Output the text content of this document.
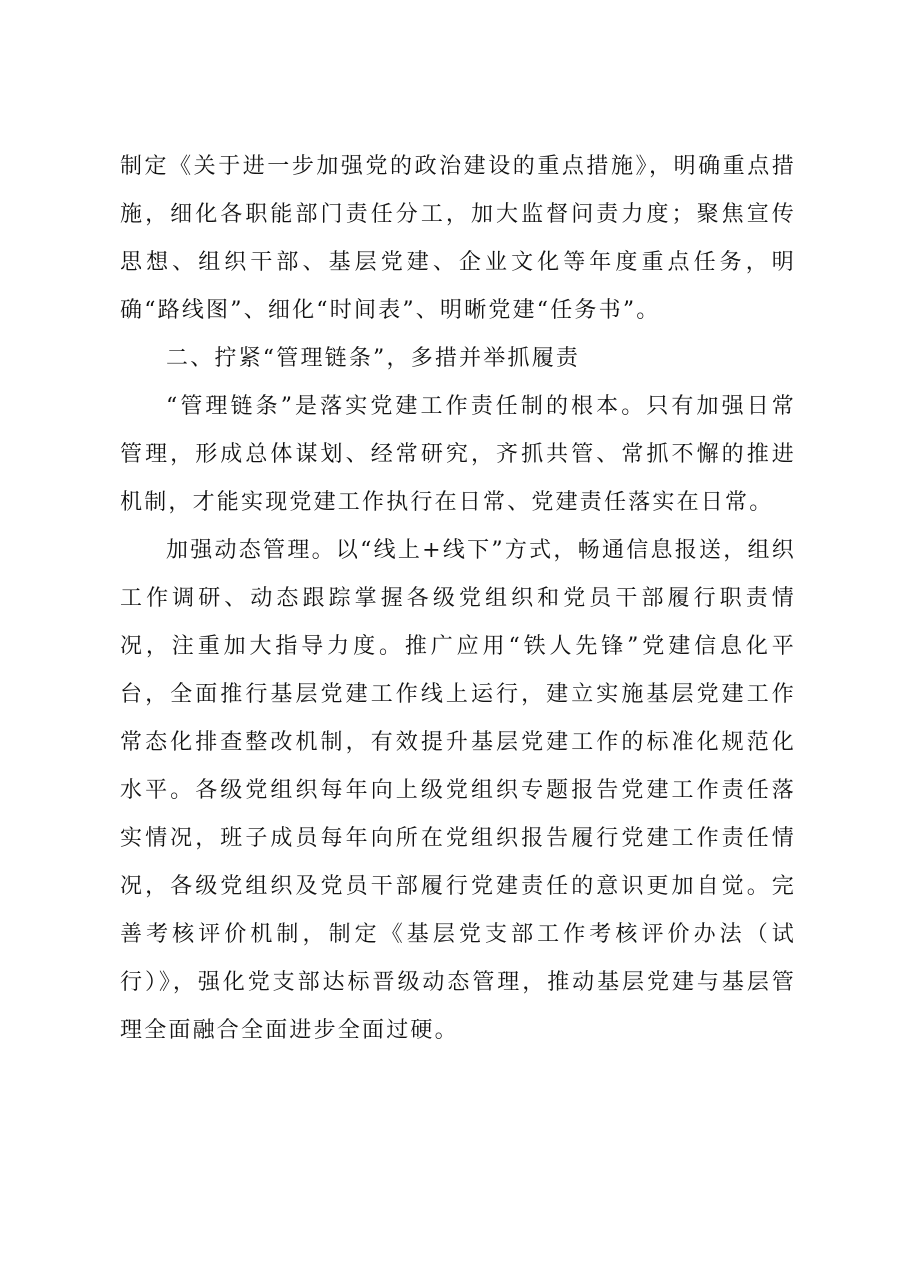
制定《关于进一步加强党的政治建设的重点措施》，明确重点措施，细化各职能部门责任分工，加大监督问责力度；聚焦宣传思想、组织干部、基层党建、企业文化等年度重点任务，明确“路线图”、细化“时间表”、明晰党建“任务书”。

二、拧紧“管理链条”，多措并举抓履责

“管理链条”是落实党建工作责任制的根本。只有加强日常管理，形成总体谋划、经常研究，齐抓共管、常抓不懈的推进机制，才能实现党建工作执行在日常、党建责任落实在日常。

加强动态管理。以“线上+线下”方式，畅通信息报送，组织工作调研、动态跟踪掌握各级党组织和党员干部履行职责情况，注重加大指导力度。推广应用“铁人先锋”党建信息化平台，全面推行基层党建工作线上运行，建立实施基层党建工作常态化排查整改机制，有效提升基层党建工作的标准化规范化水平。各级党组织每年向上级党组织专题报告党建工作责任落实情况，班子成员每年向所在党组织报告履行党建工作责任情况，各级党组织及党员干部履行党建责任的意识更加自觉。完善考核评价机制，制定《基层党支部工作考核评价办法（试行）》，强化党支部达标晋级动态管理，推动基层党建与基层管理全面融合全面进步全面过硬。
